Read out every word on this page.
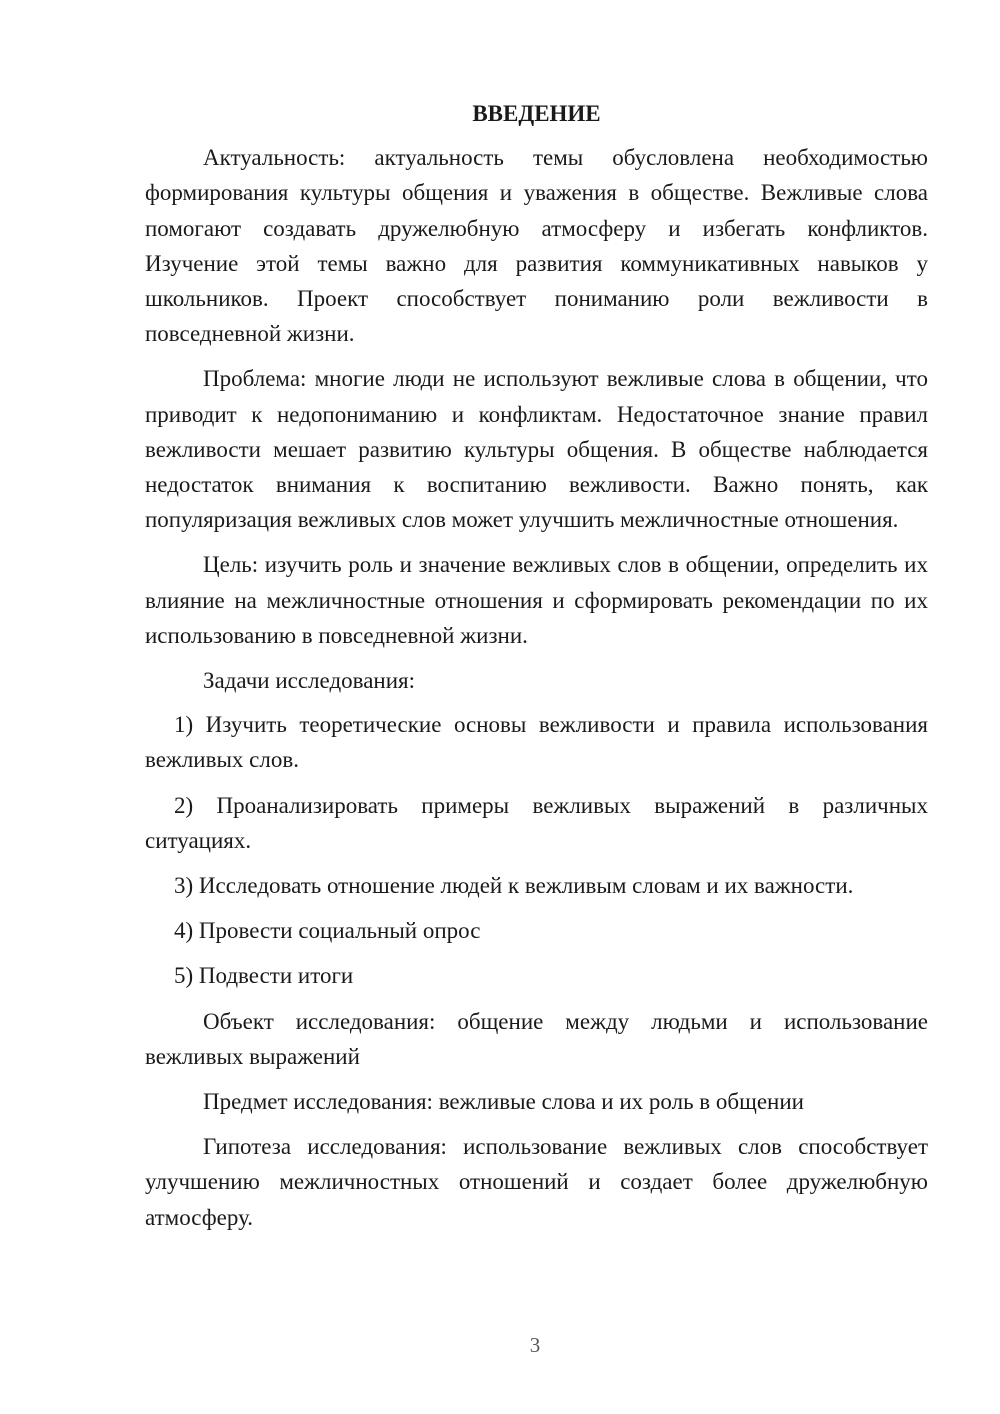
ВВЕДЕНИЕ

Актуальность: актуальность темы обусловлена необходимостью формирования культуры общения и уважения в обществе. Вежливые слова помогают создавать дружелюбную атмосферу и избегать конфликтов. Изучение этой темы важно для развития коммуникативных навыков у школьников. Проект способствует пониманию роли вежливости в повседневной жизни.

Проблема: многие люди не используют вежливые слова в общении, что приводит к недопониманию и конфликтам. Недостаточное знание правил вежливости мешает развитию культуры общения. В обществе наблюдается недостаток внимания к воспитанию вежливости. Важно понять, как популяризация вежливых слов может улучшить межличностные отношения.

Цель: изучить роль и значение вежливых слов в общении, определить их влияние на межличностные отношения и сформировать рекомендации по их использованию в повседневной жизни.

Задачи исследования:

1) Изучить теоретические основы вежливости и правила использования вежливых слов.

2) Проанализировать примеры вежливых выражений в различных ситуациях.

3) Исследовать отношение людей к вежливым словам и их важности.

4) Провести социальный опрос

5) Подвести итоги

Объект исследования: общение между людьми и использование вежливых выражений

Предмет исследования: вежливые слова и их роль в общении

Гипотеза исследования: использование вежливых слов способствует улучшению межличностных отношений и создает более дружелюбную атмосферу.

3
